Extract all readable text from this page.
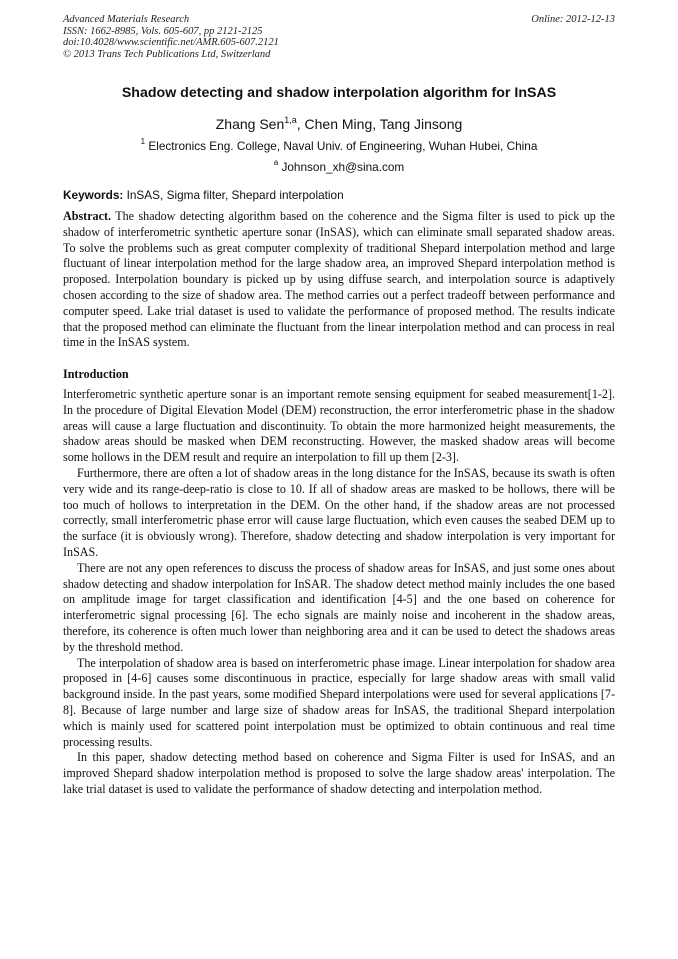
Advanced Materials Research
ISSN: 1662-8985, Vols. 605-607, pp 2121-2125
doi:10.4028/www.scientific.net/AMR.605-607.2121
© 2013 Trans Tech Publications Ltd, Switzerland
Online: 2012-12-13
Shadow detecting and shadow interpolation algorithm for InSAS
Zhang Sen$^{1,a}$, Chen Ming, Tang Jinsong
$^1$ Electronics Eng. College, Naval Univ. of Engineering, Wuhan Hubei, China
$^a$ Johnson_xh@sina.com
Keywords: InSAS, Sigma filter, Shepard interpolation
Abstract. The shadow detecting algorithm based on the coherence and the Sigma filter is used to pick up the shadow of interferometric synthetic aperture sonar (InSAS), which can eliminate small separated shadow areas. To solve the problems such as great computer complexity of traditional Shepard interpolation method and large fluctuant of linear interpolation method for the large shadow area, an improved Shepard interpolation method is proposed. Interpolation boundary is picked up by using diffuse search, and interpolation source is adaptively chosen according to the size of shadow area. The method carries out a perfect tradeoff between performance and computer speed. Lake trial dataset is used to validate the performance of proposed method. The results indicate that the proposed method can eliminate the fluctuant from the linear interpolation method and can process in real time in the InSAS system.
Introduction
Interferometric synthetic aperture sonar is an important remote sensing equipment for seabed measurement[1-2]. In the procedure of Digital Elevation Model (DEM) reconstruction, the error interferometric phase in the shadow areas will cause a large fluctuation and discontinuity. To obtain the more harmonized height measurements, the shadow areas should be masked when DEM reconstructing. However, the masked shadow areas will become some hollows in the DEM result and require an interpolation to fill up them [2-3].
Furthermore, there are often a lot of shadow areas in the long distance for the InSAS, because its swath is often very wide and its range-deep-ratio is close to 10. If all of shadow areas are masked to be hollows, there will be too much of hollows to interpretation in the DEM. On the other hand, if the shadow areas are not processed correctly, small interferometric phase error will cause large fluctuation, which even causes the seabed DEM up to the surface (it is obviously wrong). Therefore, shadow detecting and shadow interpolation is very important for InSAS.
There are not any open references to discuss the process of shadow areas for InSAS, and just some ones about shadow detecting and shadow interpolation for InSAR. The shadow detect method mainly includes the one based on amplitude image for target classification and identification [4-5] and the one based on coherence for interferometric signal processing [6]. The echo signals are mainly noise and incoherent in the shadow areas, therefore, its coherence is often much lower than neighboring area and it can be used to detect the shadows areas by the threshold method.
The interpolation of shadow area is based on interferometric phase image. Linear interpolation for shadow area proposed in [4-6] causes some discontinuous in practice, especially for large shadow areas with small valid background inside. In the past years, some modified Shepard interpolations were used for several applications [7-8]. Because of large number and large size of shadow areas for InSAS, the traditional Shepard interpolation which is mainly used for scattered point interpolation must be optimized to obtain continuous and real time processing results.
In this paper, shadow detecting method based on coherence and Sigma Filter is used for InSAS, and an improved Shepard shadow interpolation method is proposed to solve the large shadow areas' interpolation. The lake trial dataset is used to validate the performance of shadow detecting and interpolation method.
